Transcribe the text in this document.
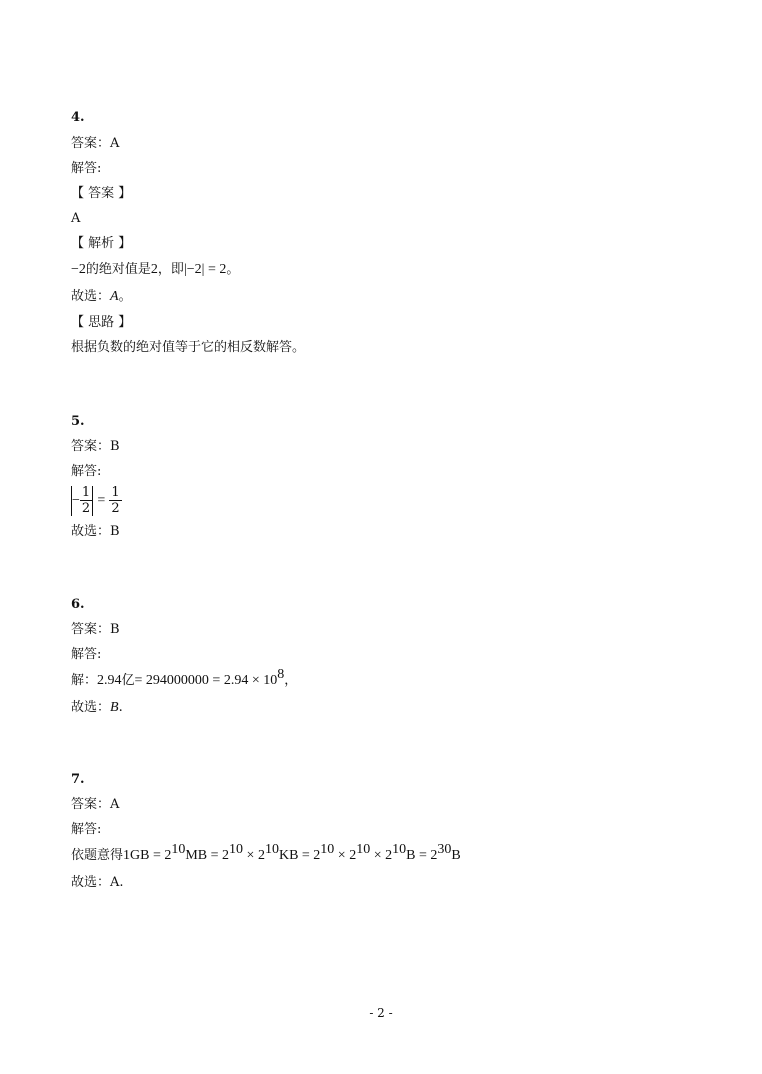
4.
答案：A
解答:
【 答案 】
A
【 解析 】
−2的绝对值是2，即|−2| = 2。
故选：A。
【 思路 】
根据负数的绝对值等于它的相反数解答。
5.
答案：B
解答:
− $\frac{1}{2} = \frac{1}{2}$
故选：B
6.
答案：B
解答:
解：2.94亿= $294000000 = 2.94 \times 10^8$，
故选：B.
7.
答案：A
解答:
依题意得$1GB = 2^{10}MB = 2^{10} \times 2^{10}KB = 2^{10} \times 2^{10} \times 2^{10}B = 2^{30}B$
故选：A.
- 2 -
